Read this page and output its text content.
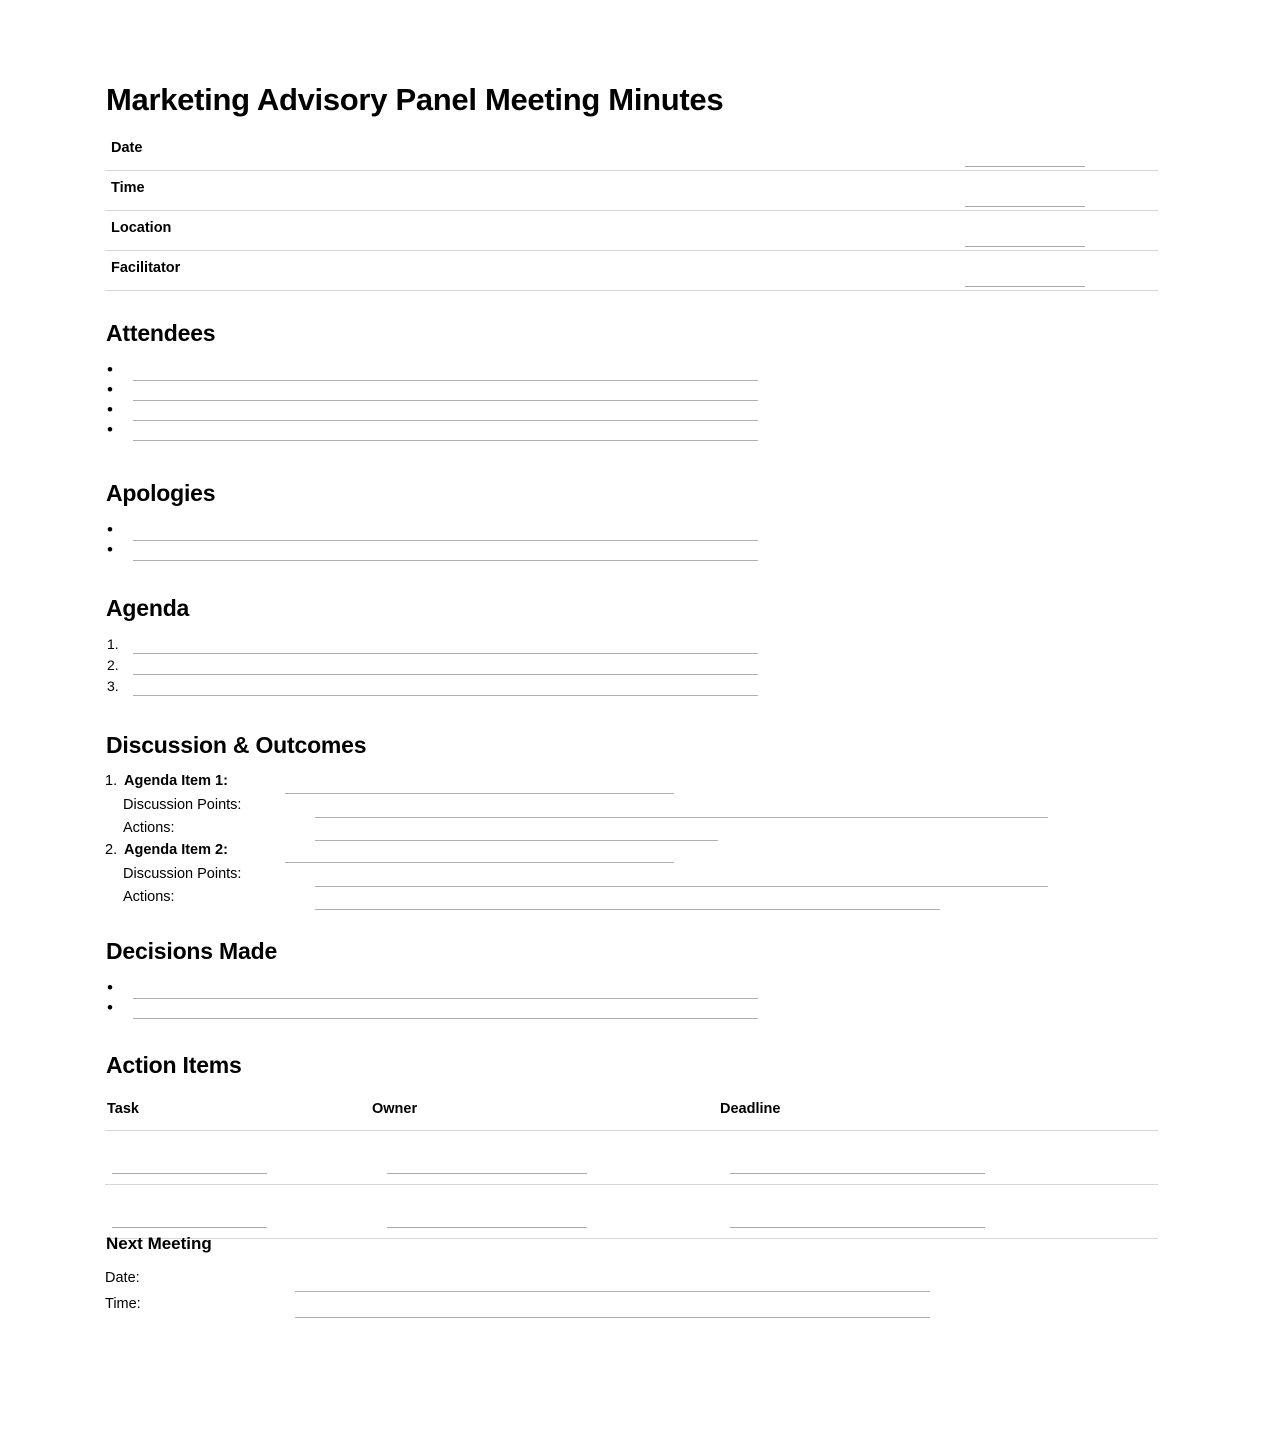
Marketing Advisory Panel Meeting Minutes
Date
Time
Location
Facilitator
Attendees
•
•
•
•
Apologies
•
•
Agenda
1.
2.
3.
Discussion & Outcomes
1. Agenda Item 1:
Discussion Points:
Actions:
2. Agenda Item 2:
Discussion Points:
Actions:
Decisions Made
•
•
Action Items
Task	Owner	Deadline
Next Meeting
Date:
Time:
